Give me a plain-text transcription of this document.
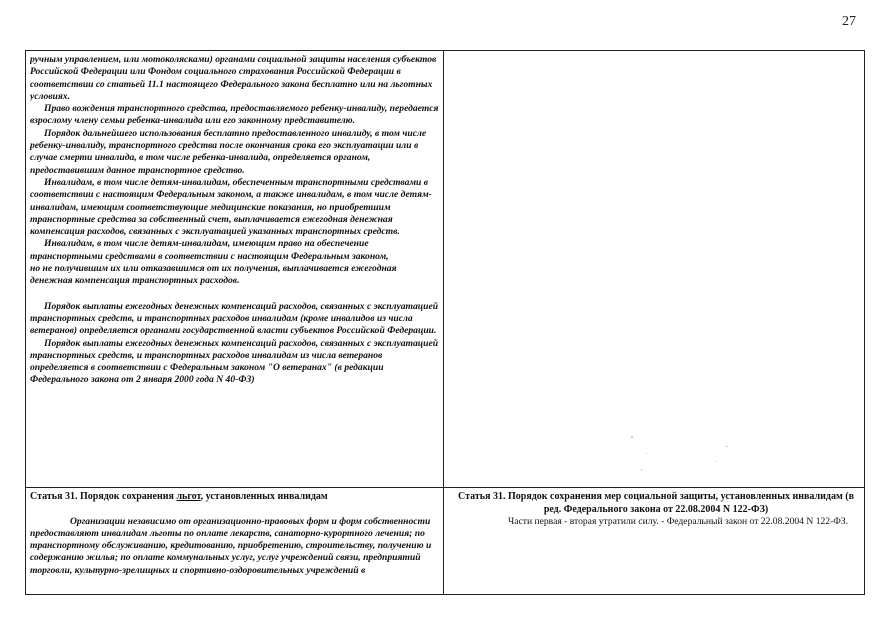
27

ручным управлением, или мотоколясками) органами социальной защиты населения субъектов Российской Федерации или Фондом социального страхования Российской Федерации в соответствии со статьей 11.1 настоящего Федерального закона бесплатно или на льготных условиях.

Право вождения транспортного средства, предоставляемого ребенку-инвалиду, передается взрослому члену семьи ребенка-инвалида или его законному представителю.

Порядок дальнейшего использования бесплатно предоставленного инвалиду, в том числе ребенку-инвалиду, транспортного средства после окончания срока его эксплуатации или в случае смерти инвалида, в том числе ребенка-инвалида, определяется органом, предоставившим данное транспортное средство.

Инвалидам, в том числе детям-инвалидам, обеспеченным транспортными средствами в соответствии с настоящим Федеральным законом, а также инвалидам, в том числе детям-инвалидам, имеющим соответствующие медицинские показания, но приобретшим транспортные средства за собственный счет, выплачивается ежегодная денежная компенсация расходов, связанных с эксплуатацией указанных транспортных средств.

Инвалидам, в том числе детям-инвалидам, имеющим право на обеспечение транспортными средствами в соответствии с настоящим Федеральным законом,

но не получившим их или отказавшимся от их получения, выплачивается ежегодная денежная компенсация транспортных расходов.

Порядок выплаты ежегодных денежных компенсаций расходов, связанных с эксплуатацией транспортных средств, и транспортных расходов инвалидам (кроме инвалидов из числа ветеранов) определяется органами государственной власти субъектов Российской Федерации.

Порядок выплаты ежегодных денежных компенсаций расходов, связанных с эксплуатацией транспортных средств, и транспортных расходов инвалидам из числа ветеранов определяется в соответствии с Федеральным законом "О ветеранах" (в редакции Федерального закона от 2 января 2000 года N 40-ФЗ)

Статья 31. Порядок сохранения льгот, установленных инвалидам

Организации независимо от организационно-правовых форм и форм собственности предоставляют инвалидам льготы по оплате лекарств, санаторно-курортного лечения; по транспортному обслуживанию, кредитованию, приобретению, строительству, получению и содержанию жилья; по оплате коммунальных услуг, услуг учреждений связи, предприятий торговли, культурно-зрелищных и спортивно-оздоровительных учреждений в

Статья 31. Порядок сохранения мер социальной защиты, установленных инвалидам (в ред. Федерального закона от 22.08.2004 N 122-ФЗ)

Части первая - вторая утратили силу. - Федеральный закон от 22.08.2004 N 122-ФЗ.
